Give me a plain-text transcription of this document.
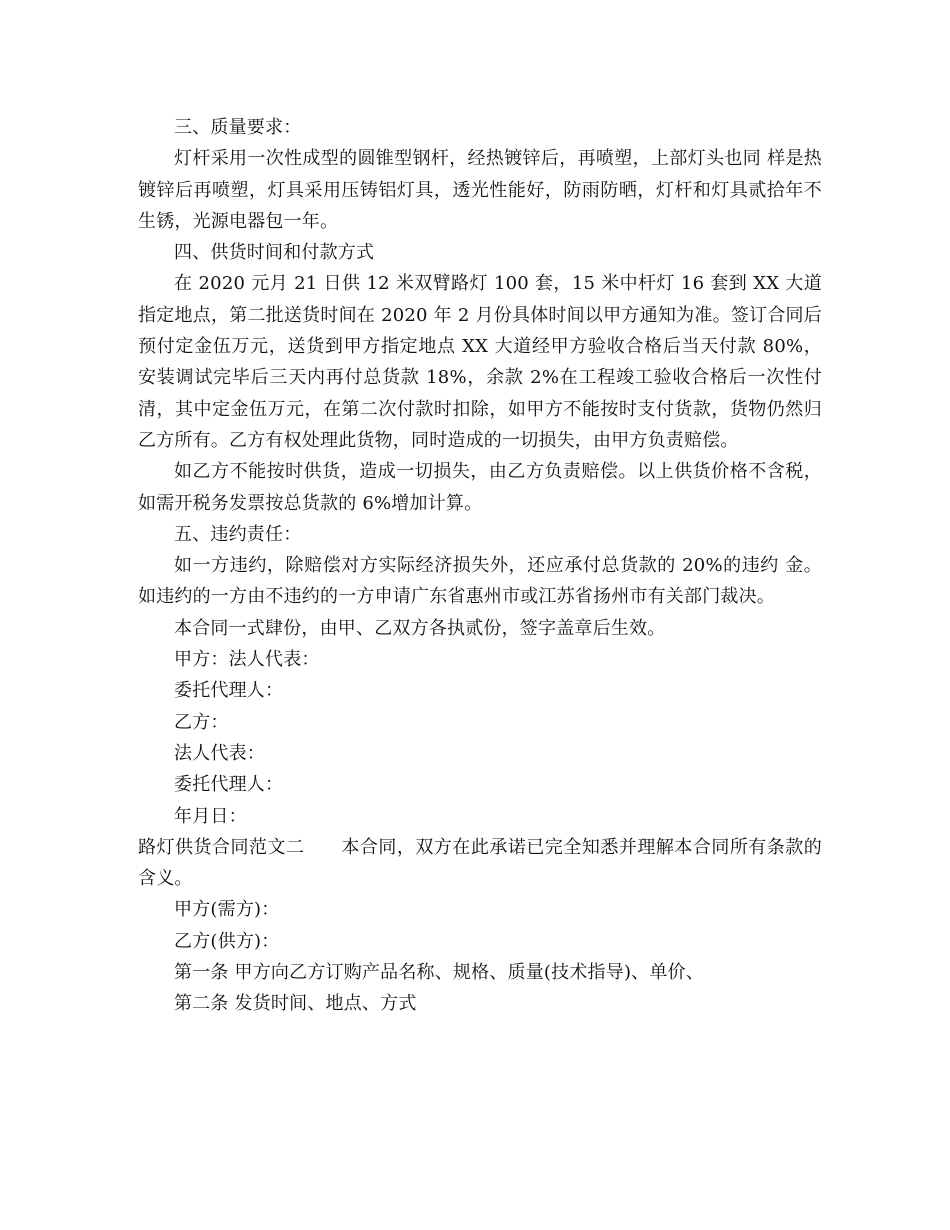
三、质量要求：

灯杆采用一次性成型的圆锥型钢杆，经热镀锌后，再喷塑，上部灯头也同 样是热镀锌后再喷塑，灯具采用压铸铝灯具，透光性能好，防雨防晒，灯杆和灯具贰拾年不生锈，光源电器包一年。

四、供货时间和付款方式

在 2020 元月 21 日供 12 米双臂路灯 100 套，15 米中杆灯 16 套到 XX 大道指定地点，第二批送货时间在 2020 年 2 月份具体时间以甲方通知为准。签订合同后预付定金伍万元，送货到甲方指定地点 XX 大道经甲方验收合格后当天付款 80%，安装调试完毕后三天内再付总货款 18%，余款 2%在工程竣工验收合格后一次性付清，其中定金伍万元，在第二次付款时扣除，如甲方不能按时支付货款，货物仍然归乙方所有。乙方有权处理此货物，同时造成的一切损失，由甲方负责赔偿。

如乙方不能按时供货，造成一切损失，由乙方负责赔偿。以上供货价格不含税，如需开税务发票按总货款的 6%增加计算。

五、违约责任：

如一方违约，除赔偿对方实际经济损失外，还应承付总货款的 20%的违约 金。如违约的一方由不违约的一方申请广东省惠州市或江苏省扬州市有关部门裁决。

本合同一式肆份，由甲、乙双方各执贰份，签字盖章后生效。

甲方：法人代表：

委托代理人：

乙方：

法人代表：

委托代理人：

年月日：

路灯供货合同范文二　　本合同，双方在此承诺已完全知悉并理解本合同所有条款的含义。

甲方(需方)：

乙方(供方)：

第一条 甲方向乙方订购产品名称、规格、质量(技术指导)、单价、

第二条 发货时间、地点、方式
